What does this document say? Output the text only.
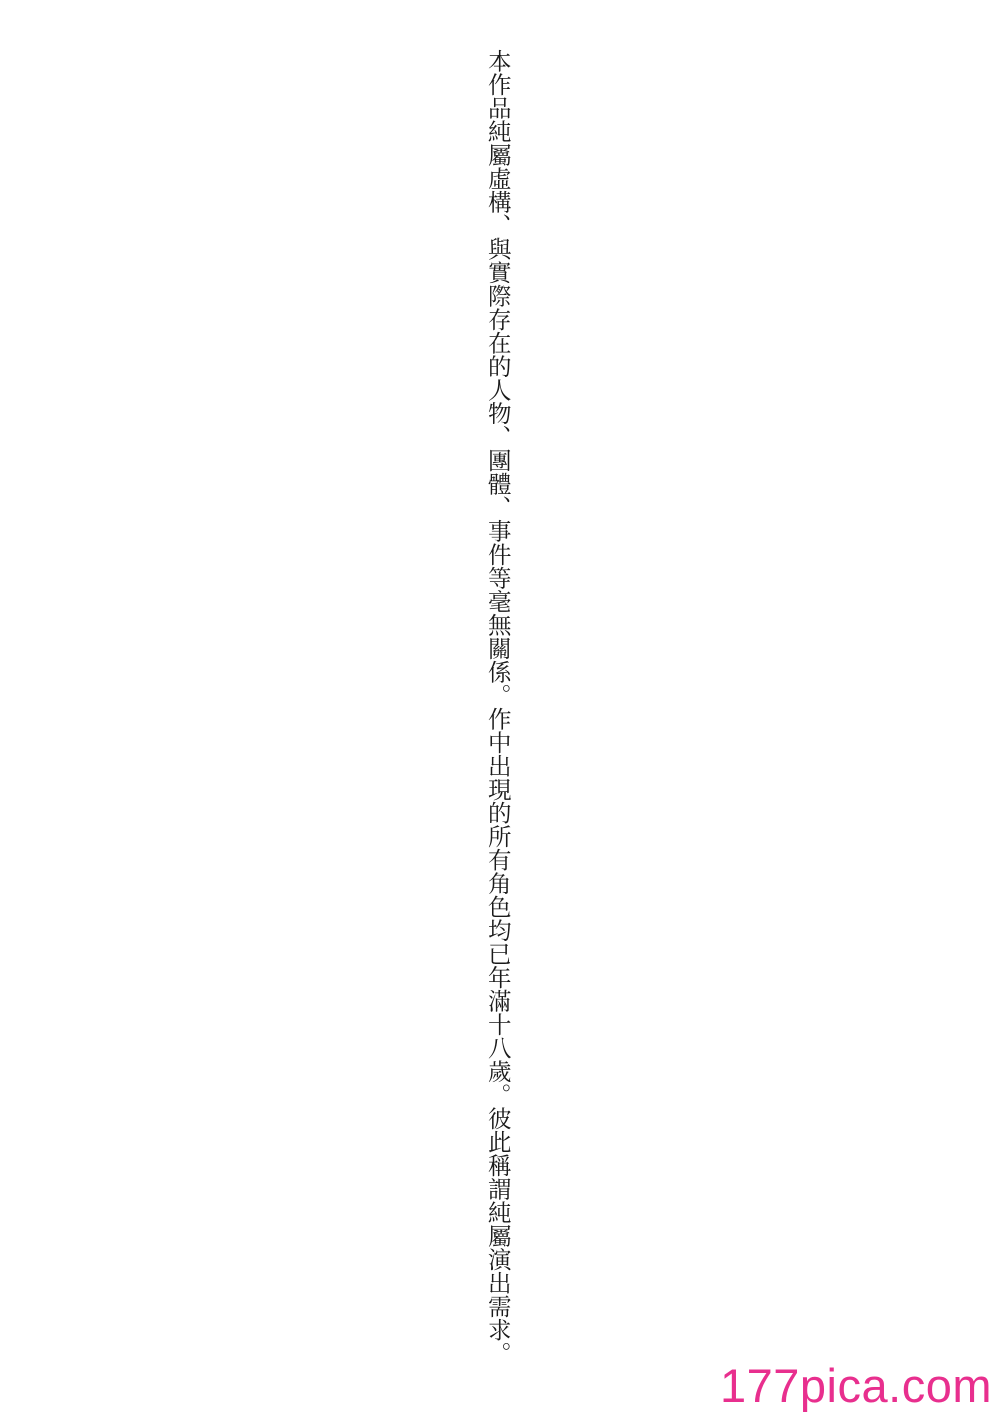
本作品純屬虛構、與實際存在的人物、團體、事件等毫無關係。作中出現的所有角色均已年滿十八歲。彼此稱謂純屬演出需求。
177pica.com
